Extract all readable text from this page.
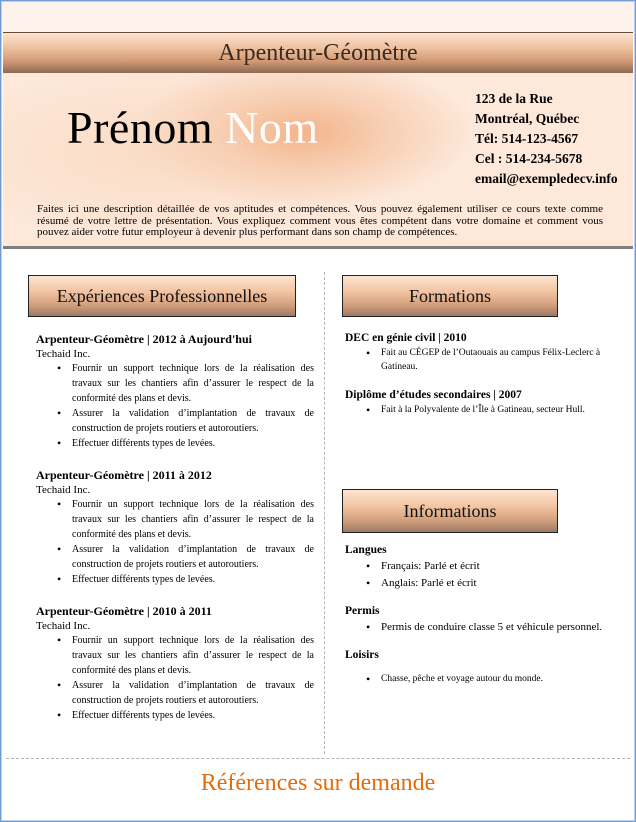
Arpenteur-Géomètre
Prénom Nom
123 de la Rue
Montréal, Québec
Tél: 514-123-4567
Cel : 514-234-5678
email@exempledecv.info
Faites ici une description détaillée de vos aptitudes et compétences. Vous pouvez également utiliser ce cours texte comme résumé de votre lettre de présentation. Vous expliquez comment vous êtes compétent dans votre domaine et comment vous pouvez aider votre futur employeur à devenir plus performant dans son champ de compétences.
Expériences Professionnelles	Formations
Informations
Arpenteur-Géomètre | 2012 à Aujourd'hui
Techaid Inc.
• Fournir un support technique lors de la réalisation des travaux sur les chantiers afin d’assurer le respect de la conformité des plans et devis.
• Assurer la validation d’implantation de travaux de construction de projets routiers et autoroutiers.
• Effectuer différents types de levées.
Arpenteur-Géomètre | 2011 à 2012
Techaid Inc.
• Fournir un support technique lors de la réalisation des travaux sur les chantiers afin d’assurer le respect de la conformité des plans et devis.
• Assurer la validation d’implantation de travaux de construction de projets routiers et autoroutiers.
• Effectuer différents types de levées.
Arpenteur-Géomètre | 2010 à 2011
Techaid Inc.
• Fournir un support technique lors de la réalisation des travaux sur les chantiers afin d’assurer le respect de la conformité des plans et devis.
• Assurer la validation d’implantation de travaux de construction de projets routiers et autoroutiers.
• Effectuer différents types de levées.
DEC en génie civil | 2010
• Fait au CÉGEP de l’Outaouais au campus Félix-Leclerc à Gatineau.
Diplôme d’études secondaires | 2007
• Fait à la Polyvalente de l’Île à Gatineau, secteur Hull.
Langues
• Français: Parlé et écrit
• Anglais: Parlé et écrit
Permis
• Permis de conduire classe 5 et véhicule personnel.
Loisirs
• Chasse, pêche et voyage autour du monde.
Références sur demande
